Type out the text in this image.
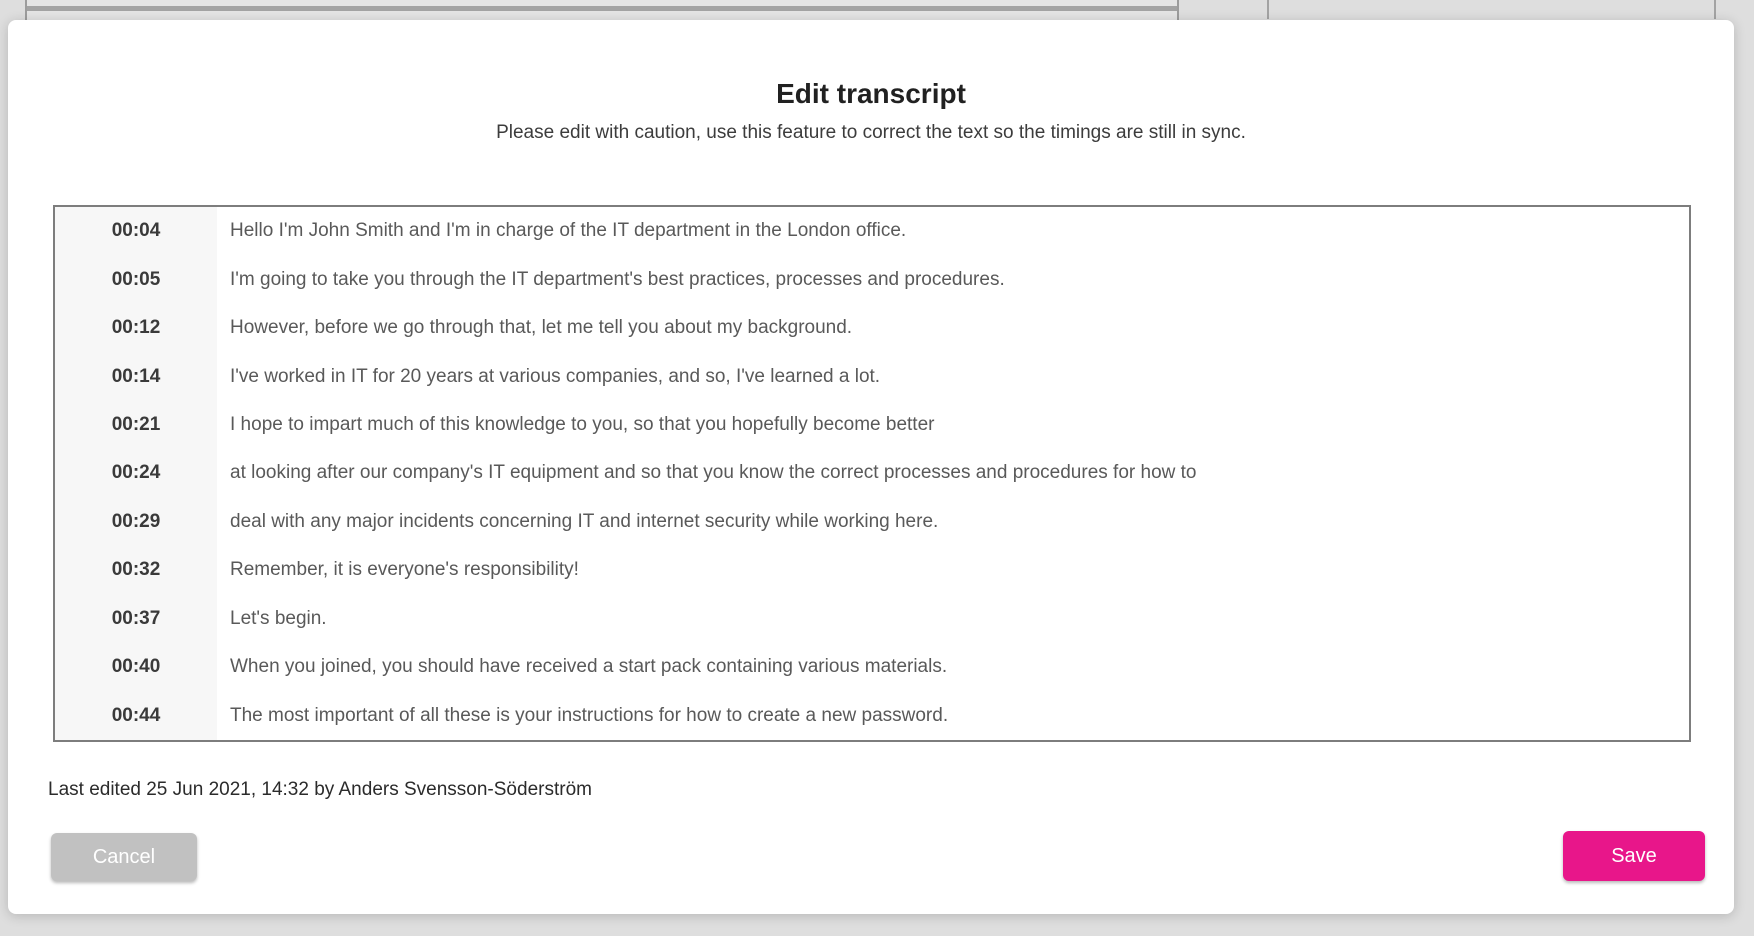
Edit transcript

Please edit with caution, use this feature to correct the text so the timings are still in sync.

00:04	Hello I'm John Smith and I'm in charge of the IT department in the London office.
00:05	I'm going to take you through the IT department's best practices, processes and procedures.
00:12	However, before we go through that, let me tell you about my background.
00:14	I've worked in IT for 20 years at various companies, and so, I've learned a lot.
00:21	I hope to impart much of this knowledge to you, so that you hopefully become better
00:24	at looking after our company's IT equipment and so that you know the correct processes and procedures for how to
00:29	deal with any major incidents concerning IT and internet security while working here.
00:32	Remember, it is everyone's responsibility!
00:37	Let's begin.
00:40	When you joined, you should have received a start pack containing various materials.
00:44	The most important of all these is your instructions for how to create a new password.
Last edited 25 Jun 2021, 14:32 by Anders Svensson-Söderström
Cancel	Save
